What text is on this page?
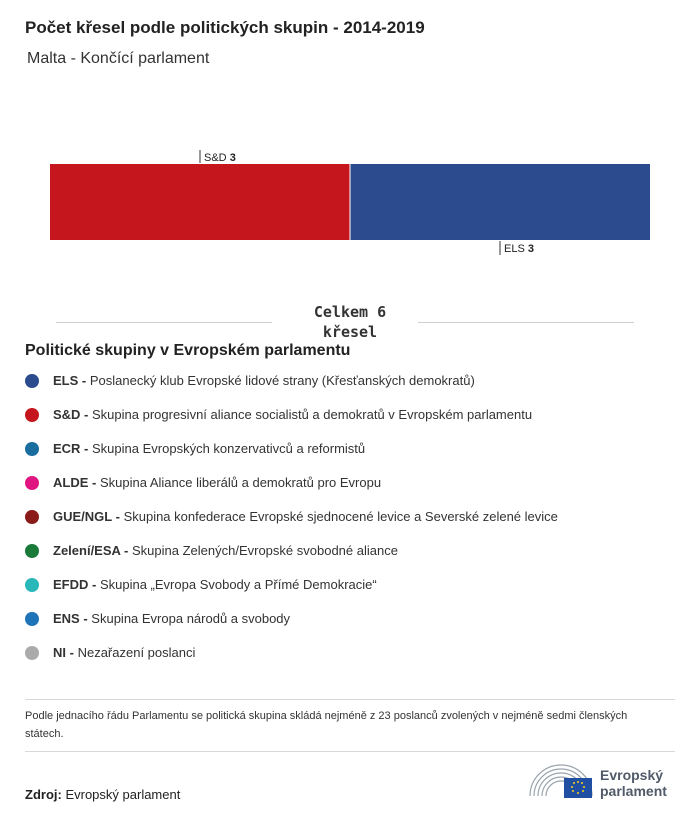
Počet křesel podle politických skupin - 2014-2019
Malta - Končící parlament
S&D 3
ELS 3
Celkem 6
křesel
Politické skupiny v Evropském parlamentu
ELS - Poslanecký klub Evropské lidové strany (Křesťanských demokratů)
S&D - Skupina progresivní aliance socialistů a demokratů v Evropském parlamentu
ECR - Skupina Evropských konzervativců a reformistů
ALDE - Skupina Aliance liberálů a demokratů pro Evropu
GUE/NGL - Skupina konfederace Evropské sjednocené levice a Severské zelené levice
Zelení/ESA - Skupina Zelených/Evropské svobodné aliance
EFDD - Skupina „Evropa Svobody a Přímé Demokracie“
ENS - Skupina Evropa národů a svobody
NI - Nezařazení poslanci
Podle jednacího řádu Parlamentu se politická skupina skládá nejméně z 23 poslanců zvolených v nejméně sedmi členských státech.
Zdroj: Evropský parlament
Evropský
parlament
